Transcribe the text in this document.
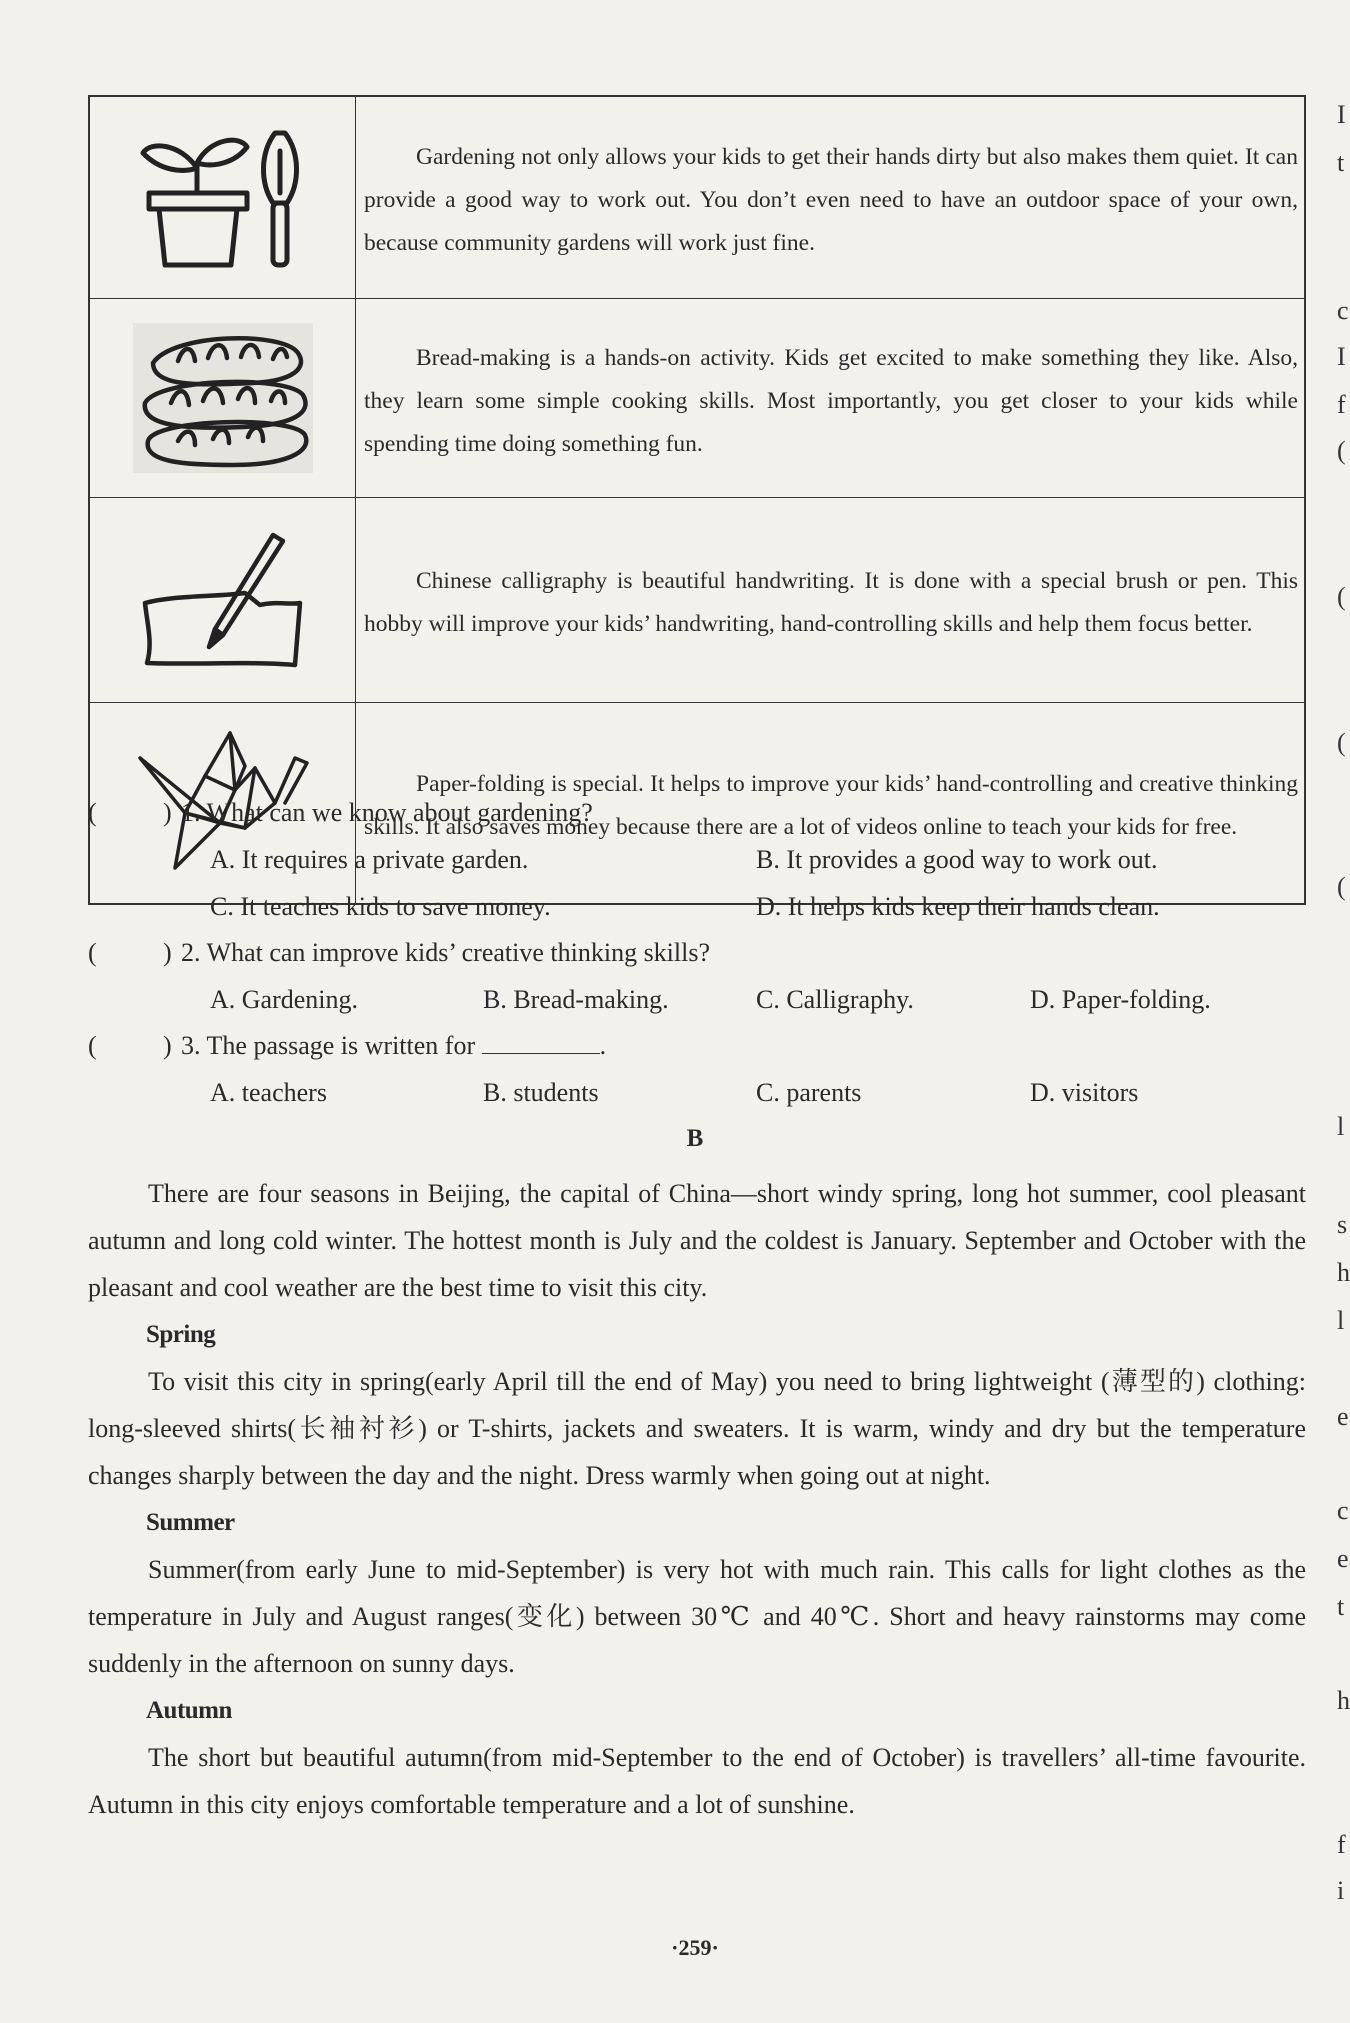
	Gardening not only allows your kids to get their hands dirty but also makes them quiet. It can provide a good way to work out. You don’t even need to have an outdoor space of your own, because community gardens will work just fine.

	Bread-making is a hands-on activity. Kids get excited to make something they like. Also, they learn some simple cooking skills. Most importantly, you get closer to your kids while spending time doing something fun.

	Chinese calligraphy is beautiful handwriting. It is done with a special brush or pen. This hobby will improve your kids’ handwriting, hand-controlling skills and help them focus better.

	Paper-folding is special. It helps to improve your kids’ hand-controlling and creative thinking skills. It also saves money because there are a lot of videos online to teach your kids for free.
(	) 1. What can we know about gardening?
A. It requires a private garden.	B. It provides a good way to work out.
C. It teaches kids to save money.	D. It helps kids keep their hands clean.
(	) 2. What can improve kids’ creative thinking skills?
A. Gardening.	B. Bread-making.	C. Calligraphy.	D. Paper-folding.
(	) 3. The passage is written for	.
A. teachers	B. students	C. parents	D. visitors
B

There are four seasons in Beijing, the capital of China—short windy spring, long hot summer, cool pleasant autumn and long cold winter. The hottest month is July and the coldest is January. September and October with the pleasant and cool weather are the best time to visit this city.

Spring

To visit this city in spring(early April till the end of May) you need to bring lightweight (薄型的) clothing: long-sleeved shirts(长袖衬衫) or T-shirts, jackets and sweaters. It is warm, windy and dry but the temperature changes sharply between the day and the night. Dress warmly when going out at night.

Summer

Summer(from early June to mid-September) is very hot with much rain. This calls for light clothes as the temperature in July and August ranges(变化) between 30℃ and 40℃. Short and heavy rainstorms may come suddenly in the afternoon on sunny days.

Autumn

The short but beautiful autumn(from mid-September to the end of October) is travellers’ all-time favourite. Autumn in this city enjoys comfortable temperature and a lot of sunshine.

·259·
I
t
c
I
f
(
(
(
(
l
s
h
l
e
c
e
t
h
f
i
